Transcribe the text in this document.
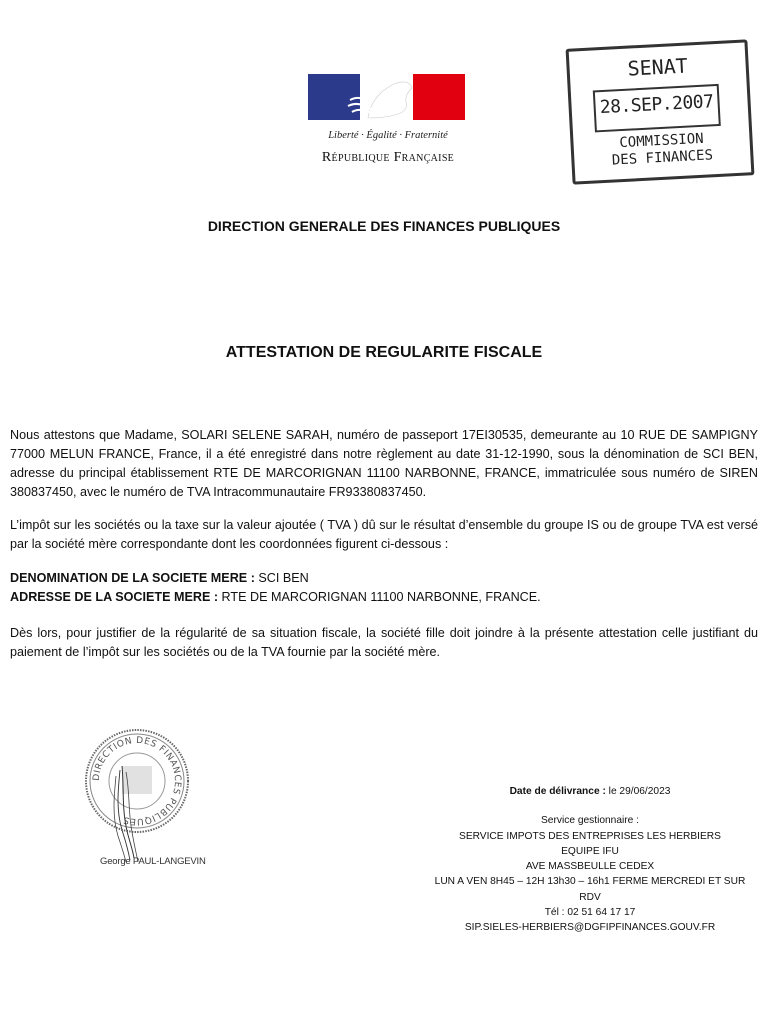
Liberté · Égalité · Fraternité
République Française
SENAT
28.SEP.2007
COMMISSION
DES FINANCES
DIRECTION GENERALE DES FINANCES PUBLIQUES
ATTESTATION DE REGULARITE FISCALE

Nous attestons que Madame, SOLARI SELENE SARAH, numéro de passeport 17EI30535, demeurante au 10 RUE DE SAMPIGNY 77000 MELUN FRANCE, France, il a été enregistré dans notre règlement au date 31-12-1990, sous la dénomination de SCI BEN, adresse du principal établissement RTE DE MARCORIGNAN 11100 NARBONNE, FRANCE, immatriculée sous numéro de SIREN 380837450, avec le numéro de TVA Intracommunautaire FR93380837450.

L’impôt sur les sociétés ou la taxe sur la valeur ajoutée ( TVA ) dû sur le résultat d’ensemble du groupe IS ou de groupe TVA est versé par la société mère correspondante dont les coordonnées figurent ci-dessous :

DENOMINATION DE LA SOCIETE MERE : SCI BEN
ADRESSE DE LA SOCIETE MERE : RTE DE MARCORIGNAN 11100 NARBONNE, FRANCE.

Dès lors, pour justifier de la régularité de sa situation fiscale, la société fille doit joindre à la présente attestation celle justifiant du paiement de l’impôt sur les sociétés ou de la TVA fournie par la société mère.

DIRECTION DES FINANCES PUBLIQUES
George PAUL-LANGEVIN
Date de délivrance : le 29/06/2023
Service gestionnaire :
SERVICE IMPOTS DES ENTREPRISES LES HERBIERS
EQUIPE IFU
AVE MASSBEULLE CEDEX
LUN A VEN 8H45 – 12H 13h30 – 16h1 FERME MERCREDI ET SUR
RDV
Tél : 02 51 64 17 17
SIP.SIELES-HERBIERS@DGFIPFINANCES.GOUV.FR
